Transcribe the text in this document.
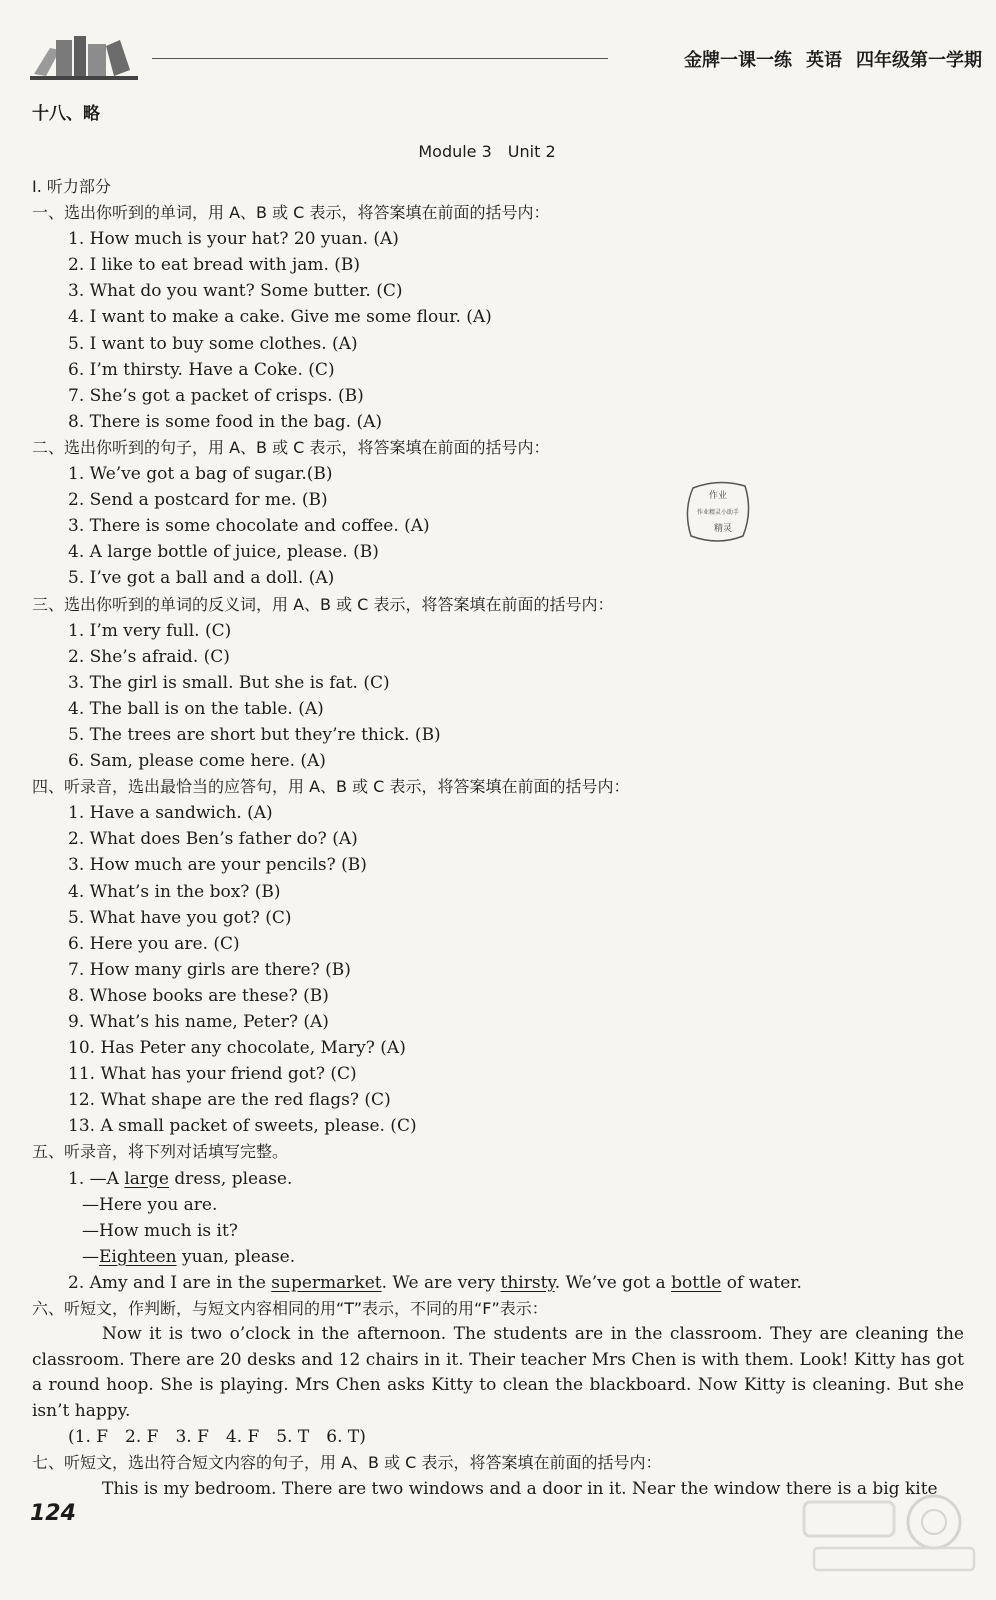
金牌一课一练 英语 四年级第一学期
十八、略
Module 3 Unit 2
Ⅰ. 听力部分
一、选出你听到的单词，用 A、B 或 C 表示，将答案填在前面的括号内：
1. How much is your hat? 20 yuan. (A)
2. I like to eat bread with jam. (B)
3. What do you want? Some butter. (C)
4. I want to make a cake. Give me some flour. (A)
5. I want to buy some clothes. (A)
6. I’m thirsty. Have a Coke. (C)
7. She’s got a packet of crisps. (B)
8. There is some food in the bag. (A)
二、选出你听到的句子，用 A、B 或 C 表示，将答案填在前面的括号内：
1. We’ve got a bag of sugar.(B)
2. Send a postcard for me. (B)
3. There is some chocolate and coffee. (A)
4. A large bottle of juice, please. (B)
5. I’ve got a ball and a doll. (A)
三、选出你听到的单词的反义词，用 A、B 或 C 表示，将答案填在前面的括号内：
1. I’m very full. (C)
2. She’s afraid. (C)
3. The girl is small. But she is fat. (C)
4. The ball is on the table. (A)
5. The trees are short but they’re thick. (B)
6. Sam, please come here. (A)
四、听录音，选出最恰当的应答句，用 A、B 或 C 表示，将答案填在前面的括号内：
1. Have a sandwich. (A)
2. What does Ben’s father do? (A)
3. How much are your pencils? (B)
4. What’s in the box? (B)
5. What have you got? (C)
6. Here you are. (C)
7. How many girls are there? (B)
8. Whose books are these? (B)
9. What’s his name, Peter? (A)
10. Has Peter any chocolate, Mary? (A)
11. What has your friend got? (C)
12. What shape are the red flags? (C)
13. A small packet of sweets, please. (C)
五、听录音，将下列对话填写完整。
1. —A large dress, please.
—Here you are.
—How much is it?
—Eighteen yuan, please.
2. Amy and I are in the supermarket. We are very thirsty. We’ve got a bottle of water.
六、听短文，作判断，与短文内容相同的用“T”表示，不同的用“F”表示：
Now it is two o’clock in the afternoon. The students are in the classroom. They are cleaning the classroom. There are 20 desks and 12 chairs in it. Their teacher Mrs Chen is with them. Look! Kitty has got a round hoop. She is playing. Mrs Chen asks Kitty to clean the blackboard. Now Kitty is cleaning. But she isn’t happy.
(1. F　2. F　3. F　4. F　5. T　6. T)
七、听短文，选出符合短文内容的句子，用 A、B 或 C 表示，将答案填在前面的括号内：
This is my bedroom. There are two windows and a door in it. Near the window there is a big kite
作业
作业精灵小助手
精灵
124
